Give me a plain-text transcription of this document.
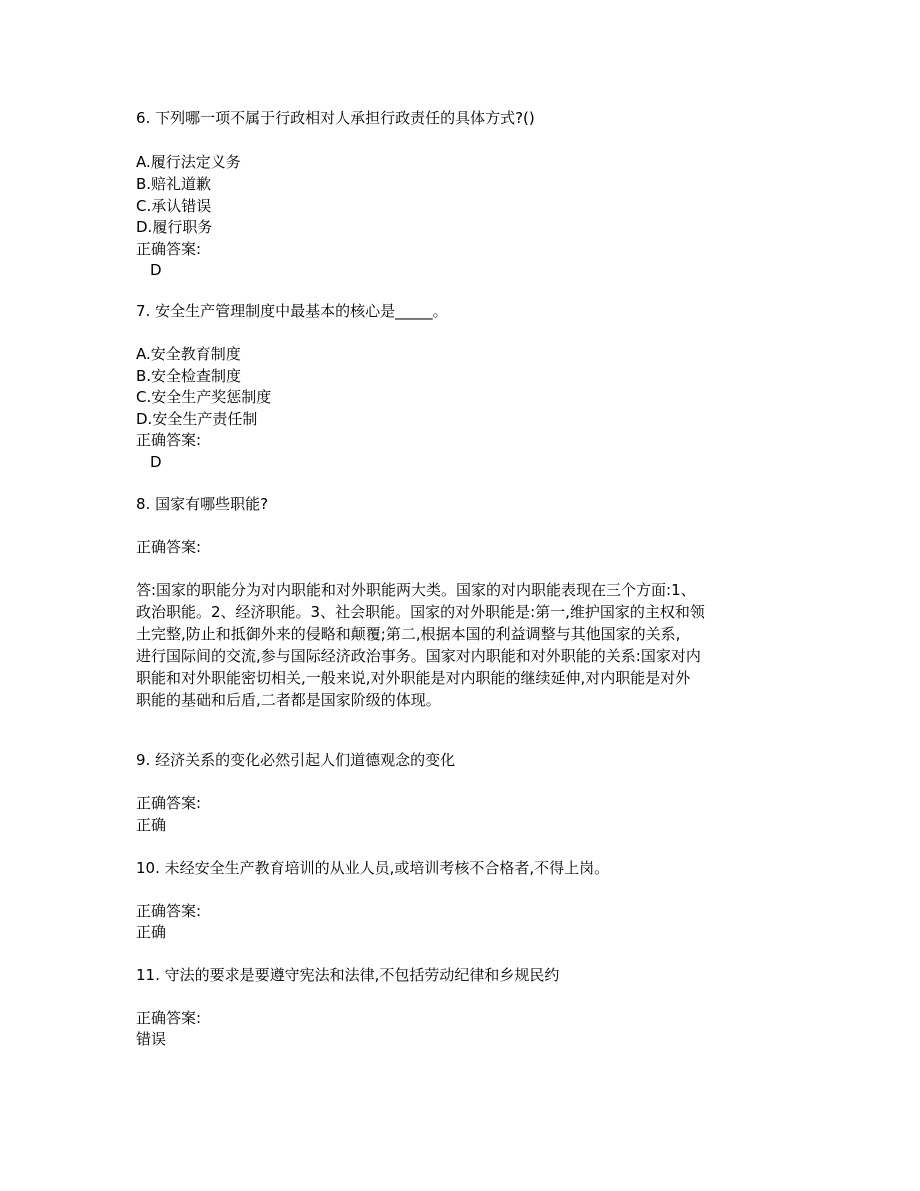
6. 下列哪一项不属于行政相对人承担行政责任的具体方式?()
A.履行法定义务
B.赔礼道歉
C.承认错误
D.履行职务
正确答案:
D
7. 安全生产管理制度中最基本的核心是_____。
A.安全教育制度
B.安全检查制度
C.安全生产奖惩制度
D.安全生产责任制
正确答案:
D
8. 国家有哪些职能?
正确答案:
答:国家的职能分为对内职能和对外职能两大类。国家的对内职能表现在三个方面:1、
政治职能。2、经济职能。3、社会职能。国家的对外职能是:第一,维护国家的主权和领
土完整,防止和抵御外来的侵略和颠覆;第二,根据本国的利益调整与其他国家的关系,
进行国际间的交流,参与国际经济政治事务。国家对内职能和对外职能的关系:国家对内
职能和对外职能密切相关,一般来说,对外职能是对内职能的继续延伸,对内职能是对外
职能的基础和后盾,二者都是国家阶级的体现。
9. 经济关系的变化必然引起人们道德观念的变化
正确答案:
正确
10. 未经安全生产教育培训的从业人员,或培训考核不合格者,不得上岗。
正确答案:
正确
11. 守法的要求是要遵守宪法和法律,不包括劳动纪律和乡规民约
正确答案:
错误
